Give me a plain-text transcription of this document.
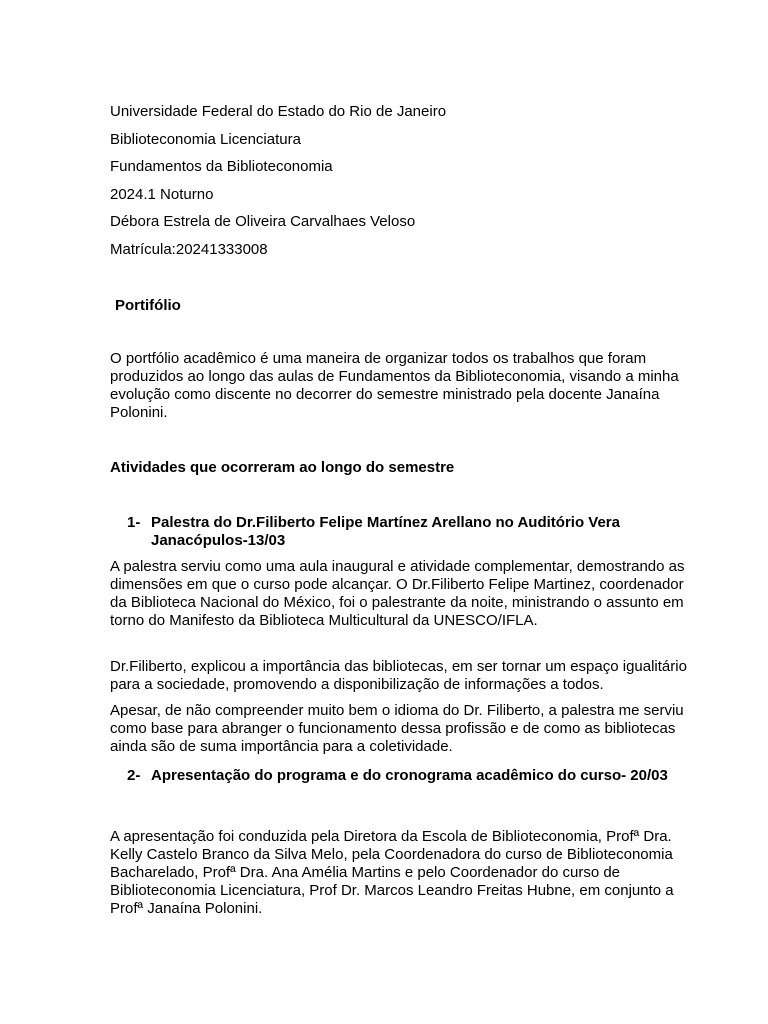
Universidade Federal do Estado do Rio de Janeiro
Biblioteconomia Licenciatura
Fundamentos da Biblioteconomia
2024.1 Noturno
Débora Estrela de Oliveira Carvalhaes Veloso
Matrícula:20241333008
Portifólio

O portfólio acadêmico é uma maneira de organizar todos os trabalhos que foram produzidos ao longo das aulas de Fundamentos da Biblioteconomia, visando a minha evolução como discente no decorrer do semestre ministrado pela docente Janaína Polonini.

Atividades que ocorreram ao longo do semestre
1- Palestra do Dr.Filiberto Felipe Martínez Arellano no Auditório Vera Janacópulos-13/03

A palestra serviu como uma aula inaugural e atividade complementar, demostrando as dimensões em que o curso pode alcançar. O Dr.Filiberto Felipe Martinez, coordenador da Biblioteca Nacional do México, foi o palestrante da noite, ministrando o assunto em torno do Manifesto da Biblioteca Multicultural da UNESCO/IFLA.

Dr.Filiberto, explicou a importância das bibliotecas, em ser tornar um espaço igualitário para a sociedade, promovendo a disponibilização de informações a todos.

Apesar, de não compreender muito bem o idioma do Dr. Filiberto, a palestra me serviu como base para abranger o funcionamento dessa profissão e de como as bibliotecas ainda são de suma importância para a coletividade.

2- Apresentação do programa e do cronograma acadêmico do curso- 20/03

A apresentação foi conduzida pela Diretora da Escola de Biblioteconomia, Profª Dra. Kelly Castelo Branco da Silva Melo, pela Coordenadora do curso de Biblioteconomia Bacharelado, Profª Dra. Ana Amélia Martins e pelo Coordenador do curso de Biblioteconomia Licenciatura, Prof Dr. Marcos Leandro Freitas Hubne, em conjunto a Profª Janaína Polonini.
